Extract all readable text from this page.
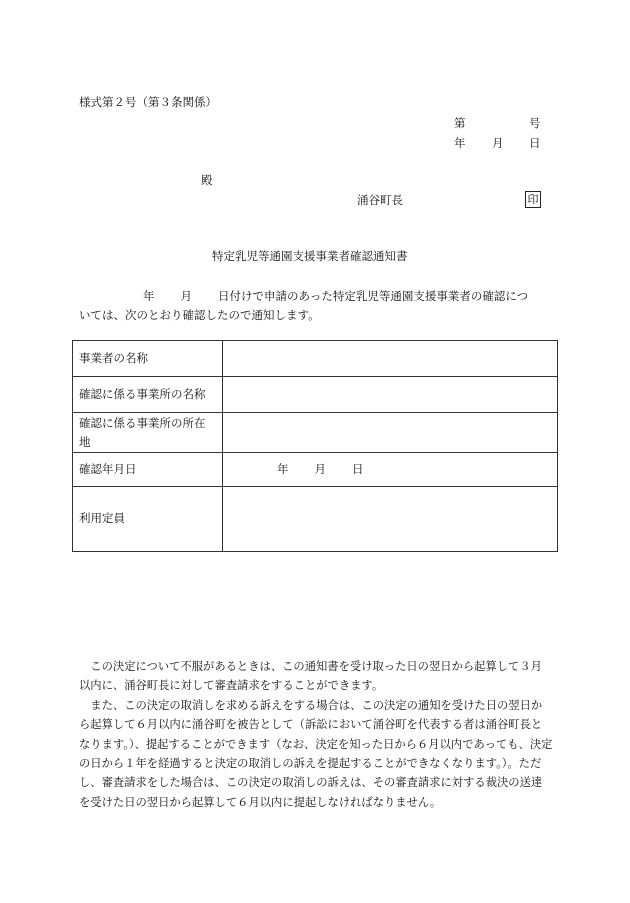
様式第２号（第３条関係）
第	号
年 月 日
殿
涌谷町長	印
特定乳児等通園支援事業者確認通知書
年 月 日付けで申請のあった特定乳児等通園支援事業者の確認につ
いては、次のとおり確認したので通知します。
事業者の名称	
確認に係る事業所の名称	
確認に係る事業所の所在地	
確認年月日	年 月 日
利用定員	

この決定について不服があるときは、この通知書を受け取った日の翌日から起算して３月以内に、涌谷町長に対して審査請求をすることができます。

また、この決定の取消しを求める訴えをする場合は、この決定の通知を受けた日の翌日から起算して６月以内に涌谷町を被告として（訴訟において涌谷町を代表する者は涌谷町長となります。）、提起することができます（なお、決定を知った日から６月以内であっても、決定の日から１年を経過すると決定の取消しの訴えを提起することができなくなります。）。ただし、審査請求をした場合は、この決定の取消しの訴えは、その審査請求に対する裁決の送達を受けた日の翌日から起算して６月以内に提起しなければなりません。
